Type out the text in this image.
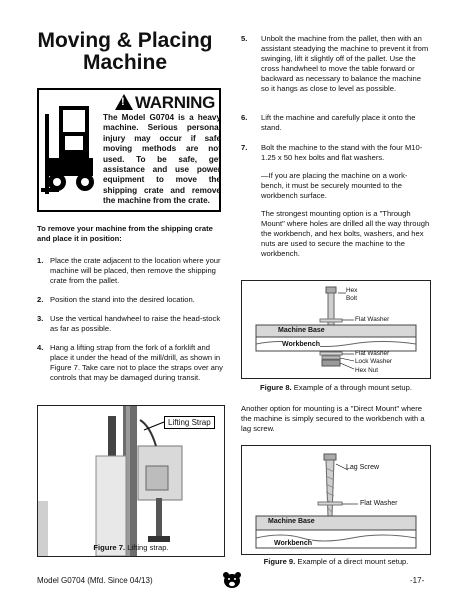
Moving & Placing
Machine
!WARNING
The Model G0704 is a heavy machine. Serious personal injury may occur if safe moving methods are not used. To be safe, get assistance and use power equipment to move the shipping crate and remove the machine from the crate.
To remove your machine from the shipping crate and place it in position:
1. Place the crate adjacent to the location where your machine will be placed, then remove the shipping crate from the pallet.
2. Position the stand into the desired location.
3. Use the vertical handwheel to raise the head-stock as far as possible.
4. Hang a lifting strap from the fork of a forklift and place it under the head of the mill/drill, as shown in Figure 7. Take care not to place the straps over any controls that may be damaged during transit.
Lifting Strap
Figure 7. Lifting strap.
5. Unbolt the machine from the pallet, then with an assistant steadying the machine to prevent it from swinging, lift it slightly off of the pallet. Use the cross handwheel to move the table forward or backward as necessary to balance the machine so it hangs as close to level as possible.
6. Lift the machine and carefully place it onto the stand.
7. Bolt the machine to the stand with the four M10-1.25 x 50 hex bolts and flat washers.
—If you are placing the machine on a work-bench, it must be securely mounted to the workbench surface.
The strongest mounting option is a "Through Mount" where holes are drilled all the way through the workbench, and hex bolts, washers, and hex nuts are used to secure the machine to the workbench.
Hex Bolt
Flat Washer
Machine Base
Workbench
Flat Washer
Lock Washer
Hex Nut
Figure 8. Example of a through mount setup.
Another option for mounting is a "Direct Mount" where the machine is simply secured to the workbench with a lag screw.
Lag Screw
Flat Washer
Machine Base
Workbench
Figure 9. Example of a direct mount setup.
Model G0704 (Mfd. Since 04/13)	-17-
